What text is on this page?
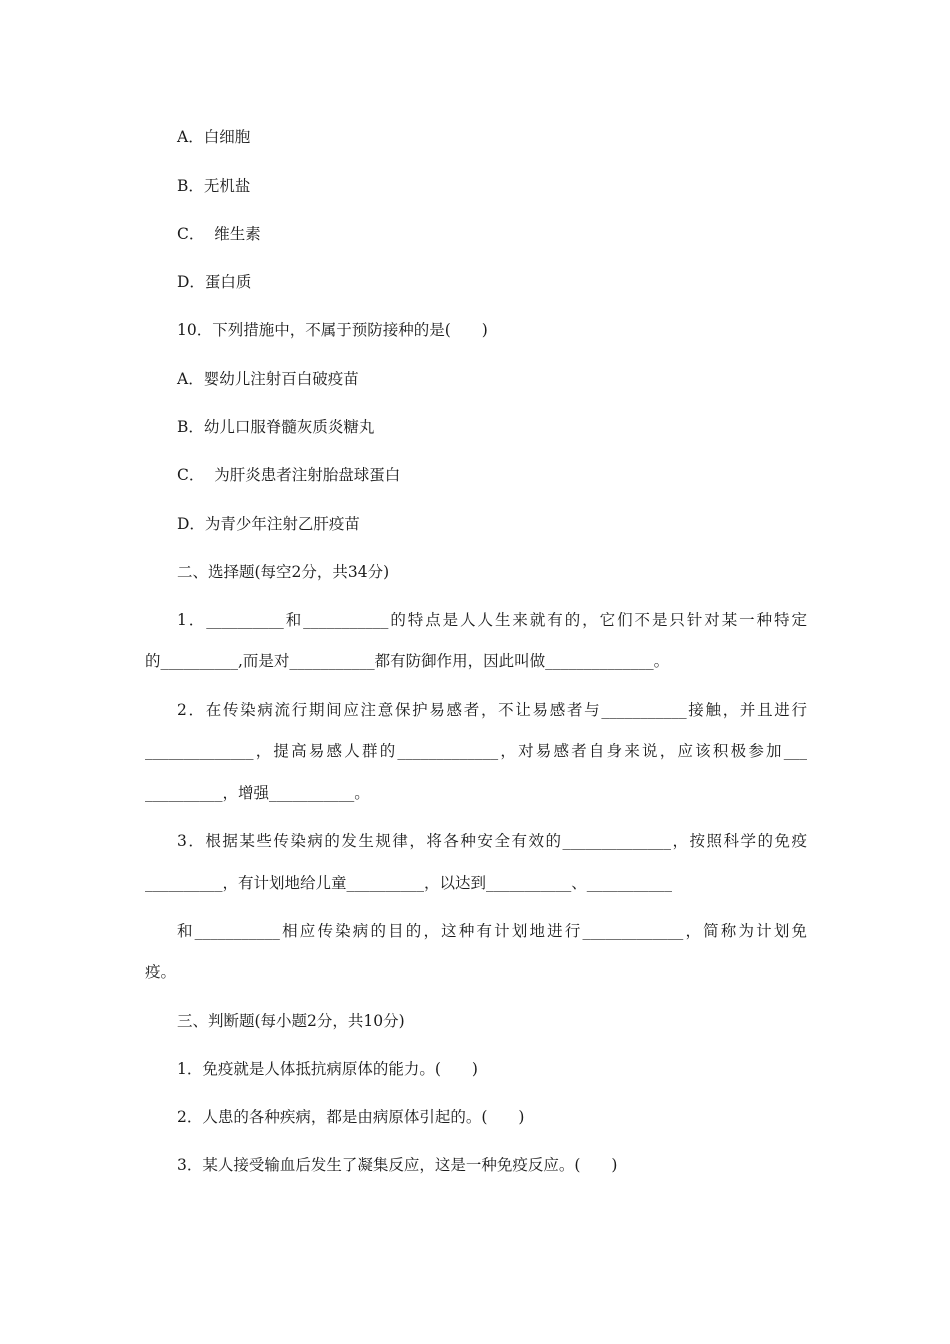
A．白细胞
B．无机盐
C．  维生素
D．蛋白质
10．下列措施中，不属于预防接种的是(　　)
A．婴幼儿注射百白破疫苗
B．幼儿口服脊髓灰质炎糖丸
C．  为肝炎患者注射胎盘球蛋白
D．为青少年注射乙肝疫苗
二、选择题(每空2分，共34分)
1．__________和___________的特点是人人生来就有的，它们不是只针对某一种特定
的__________,而是对___________都有防御作用，因此叫做______________。
2．在传染病流行期间应注意保护易感者，不让易感者与___________接触，并且进行
______________，提高易感人群的_____________，对易感者自身来说，应该积极参加___
__________，增强___________。
3．根据某些传染病的发生规律，将各种安全有效的______________，按照科学的免疫
__________，有计划地给儿童__________，以达到___________、___________
和___________相应传染病的目的，这种有计划地进行_____________，简称为计划免
疫。
三、判断题(每小题2分，共10分)
1．免疫就是人体抵抗病原体的能力。(　　)
2．人患的各种疾病，都是由病原体引起的。(　　)
3．某人接受输血后发生了凝集反应，这是一种免疫反应。(　　)
